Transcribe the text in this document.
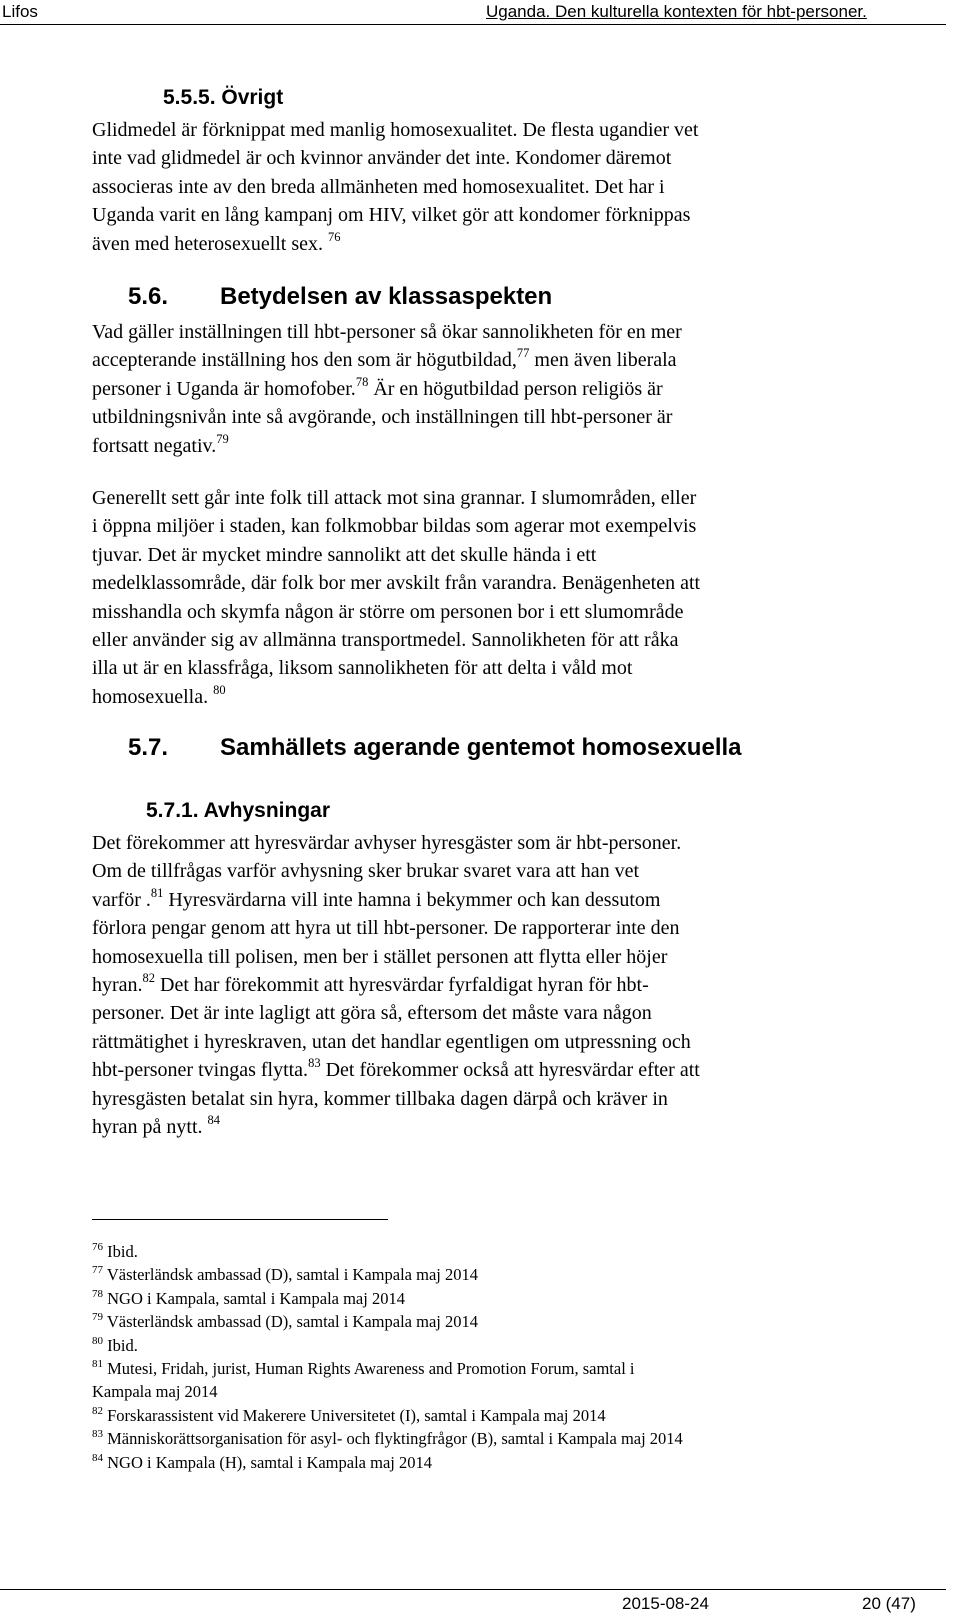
Lifos	Uganda. Den kulturella kontexten för hbt-personer.
5.5.5. Övrigt
Glidmedel är förknippat med manlig homosexualitet. De flesta ugandier vet
inte vad glidmedel är och kvinnor använder det inte. Kondomer däremot
associeras inte av den breda allmänheten med homosexualitet. Det har i
Uganda varit en lång kampanj om HIV, vilket gör att kondomer förknippas
även med heterosexuellt sex. $^{76}$
5.6. Betydelsen av klassaspekten
Vad gäller inställningen till hbt-personer så ökar sannolikheten för en mer
accepterande inställning hos den som är högutbildad,$^{77}$ men även liberala
personer i Uganda är homofober.$^{78}$ Är en högutbildad person religiös är
utbildningsnivån inte så avgörande, och inställningen till hbt-personer är
fortsatt negativ.$^{79}$
Generellt sett går inte folk till attack mot sina grannar. I slumområden, eller
i öppna miljöer i staden, kan folkmobbar bildas som agerar mot exempelvis
tjuvar. Det är mycket mindre sannolikt att det skulle hända i ett
medelklassområde, där folk bor mer avskilt från varandra. Benägenheten att
misshandla och skymfa någon är större om personen bor i ett slumområde
eller använder sig av allmänna transportmedel. Sannolikheten för att råka
illa ut är en klassfråga, liksom sannolikheten för att delta i våld mot
homosexuella. $^{80}$
5.7. Samhällets agerande gentemot homosexuella
5.7.1. Avhysningar
Det förekommer att hyresvärdar avhyser hyresgäster som är hbt-personer.
Om de tillfrågas varför avhysning sker brukar svaret vara att han vet
varför .$^{81}$ Hyresvärdarna vill inte hamna i bekymmer och kan dessutom
förlora pengar genom att hyra ut till hbt-personer. De rapporterar inte den
homosexuella till polisen, men ber i stället personen att flytta eller höjer
hyran.$^{82}$ Det har förekommit att hyresvärdar fyrfaldigat hyran för hbt-
personer. Det är inte lagligt att göra så, eftersom det måste vara någon
rättmätighet i hyreskraven, utan det handlar egentligen om utpressning och
hbt-personer tvingas flytta.$^{83}$ Det förekommer också att hyresvärdar efter att
hyresgästen betalat sin hyra, kommer tillbaka dagen därpå och kräver in
hyran på nytt. $^{84}$
$^{76}$ Ibid.
$^{77}$ Västerländsk ambassad (D), samtal i Kampala maj 2014
$^{78}$ NGO i Kampala, samtal i Kampala maj 2014
$^{79}$ Västerländsk ambassad (D), samtal i Kampala maj 2014
$^{80}$ Ibid.
$^{81}$ Mutesi, Fridah, jurist, Human Rights Awareness and Promotion Forum, samtal i
Kampala maj 2014
$^{82}$ Forskarassistent vid Makerere Universitetet (I), samtal i Kampala maj 2014
$^{83}$ Människorättsorganisation för asyl- och flyktingfrågor (B), samtal i Kampala maj 2014
$^{84}$ NGO i Kampala (H), samtal i Kampala maj 2014
2015-08-24	20 (47)
